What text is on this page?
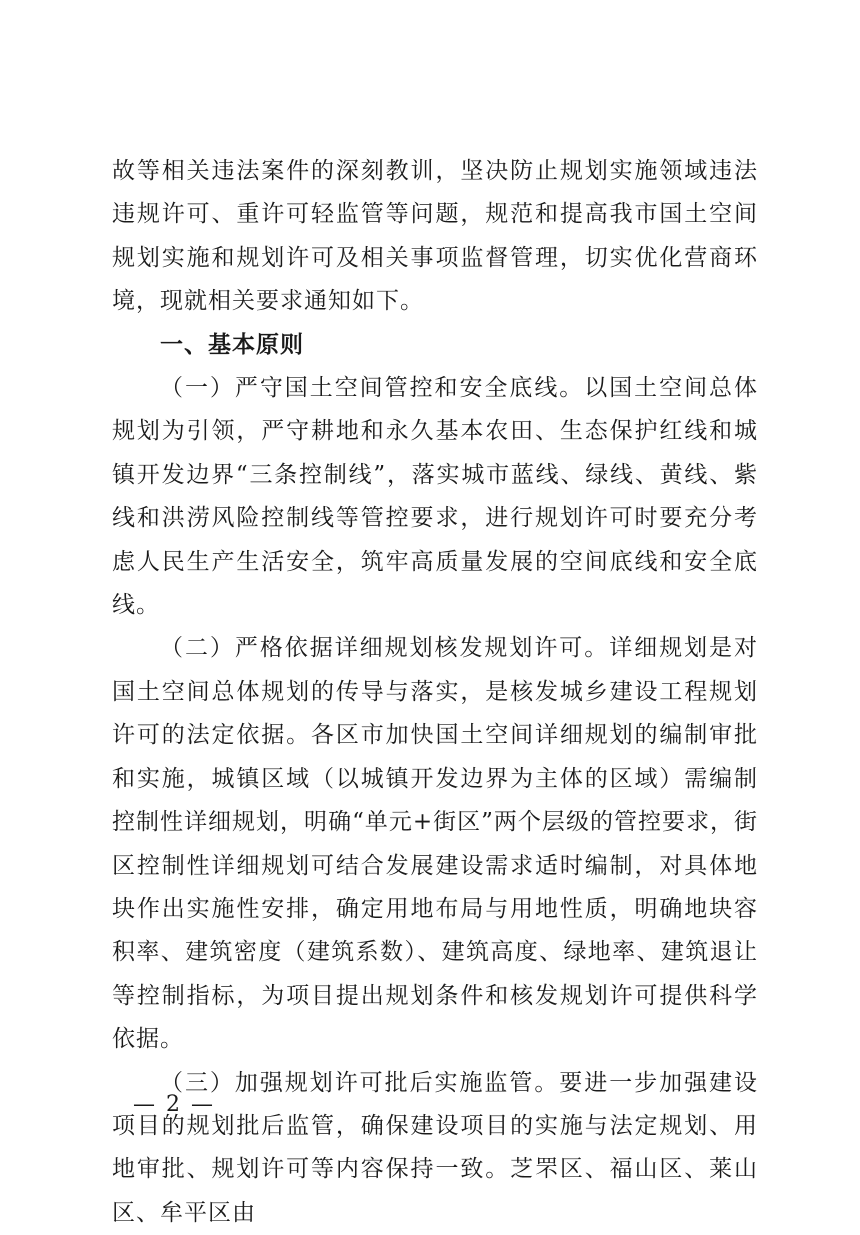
故等相关违法案件的深刻教训，坚决防止规划实施领域违法违规许可、重许可轻监管等问题，规范和提高我市国土空间规划实施和规划许可及相关事项监督管理，切实优化营商环境，现就相关要求通知如下。

一、基本原则

（一）严守国土空间管控和安全底线。以国土空间总体规划为引领，严守耕地和永久基本农田、生态保护红线和城镇开发边界“三条控制线”，落实城市蓝线、绿线、黄线、紫线和洪涝风险控制线等管控要求，进行规划许可时要充分考虑人民生产生活安全，筑牢高质量发展的空间底线和安全底线。

（二）严格依据详细规划核发规划许可。详细规划是对国土空间总体规划的传导与落实，是核发城乡建设工程规划许可的法定依据。各区市加快国土空间详细规划的编制审批和实施，城镇区域（以城镇开发边界为主体的区域）需编制控制性详细规划，明确“单元+街区”两个层级的管控要求，街区控制性详细规划可结合发展建设需求适时编制，对具体地块作出实施性安排，确定用地布局与用地性质，明确地块容积率、建筑密度（建筑系数）、建筑高度、绿地率、建筑退让等控制指标，为项目提出规划条件和核发规划许可提供科学依据。

（三）加强规划许可批后实施监管。要进一步加强建设项目的规划批后监管，确保建设项目的实施与法定规划、用地审批、规划许可等内容保持一致。芝罘区、福山区、莱山区、牟平区由

— 2 —
